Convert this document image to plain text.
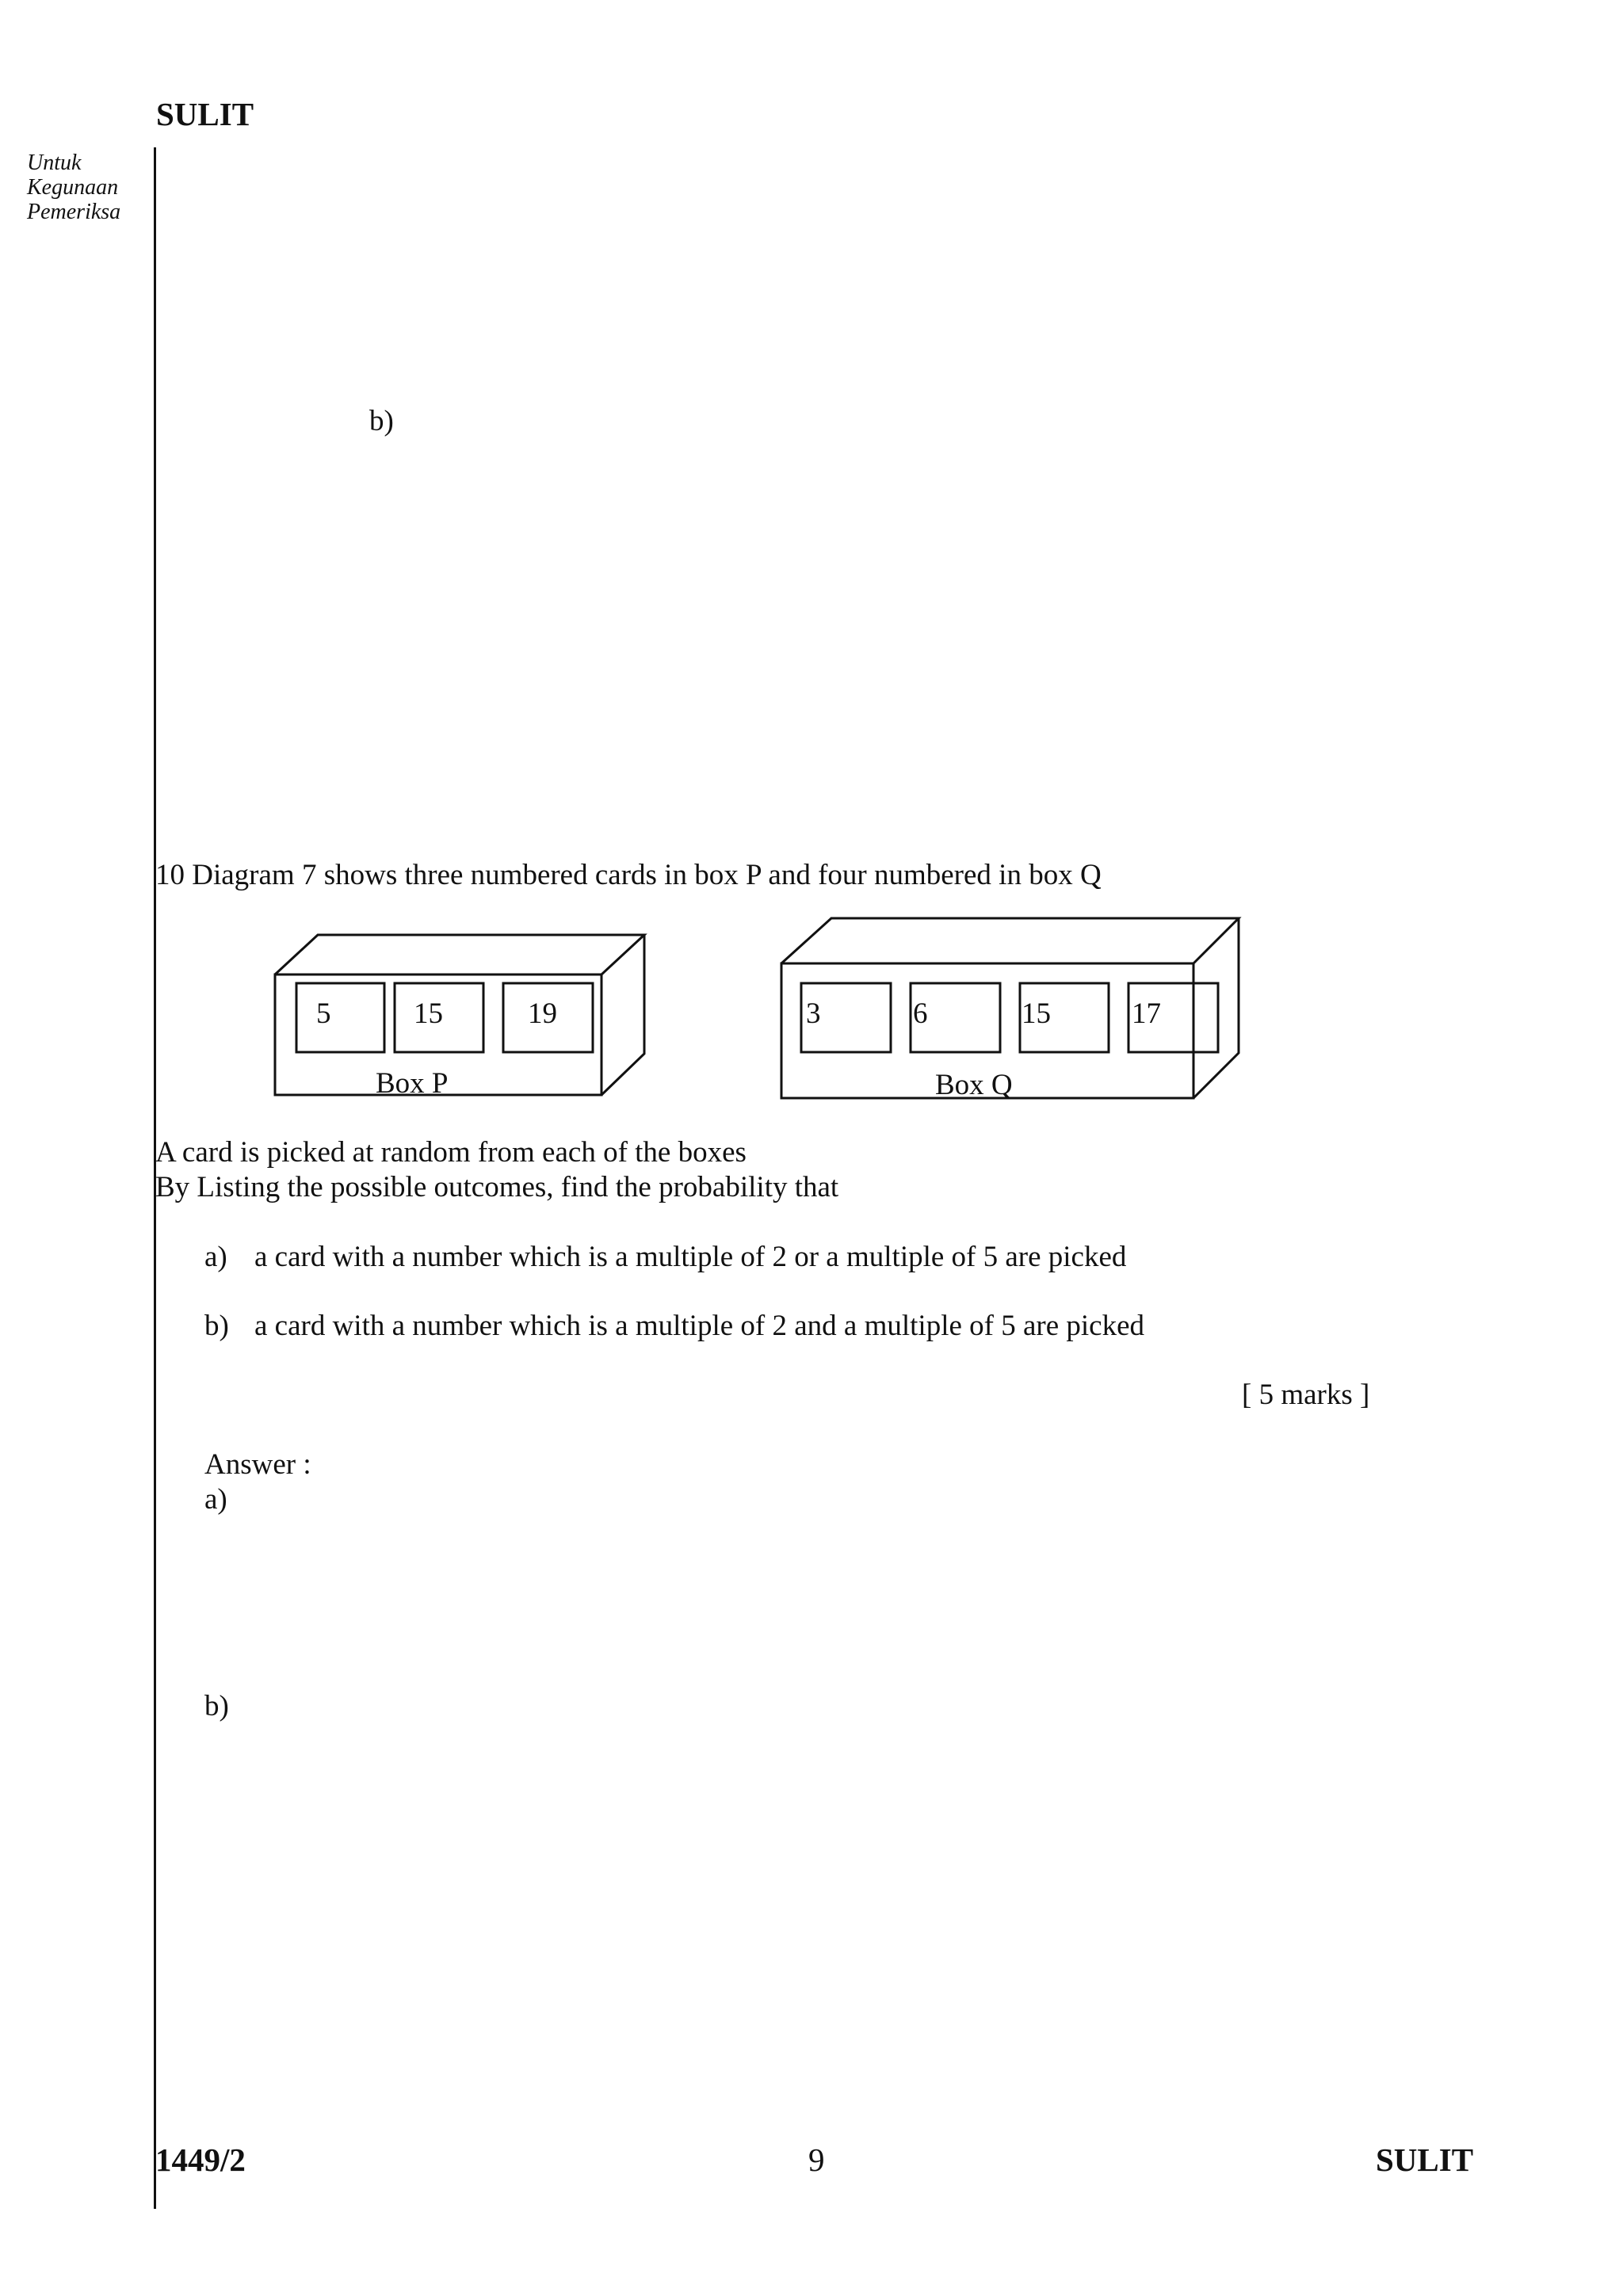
SULIT
Untuk
Kegunaan
Pemeriksa
b)
10 Diagram 7 shows three numbered cards in box P and four numbered in box Q
5	15	19
Box P
3	6	15	17
Box Q
A card is picked at random from each of the boxes
By Listing the possible outcomes, find the probability that
a) a card with a number which is a multiple of 2 or a multiple of 5 are picked
b) a card with a number which is a multiple of 2 and a multiple of 5 are picked
[ 5 marks ]
Answer :
a)
b)
1449/2	9	SULIT
